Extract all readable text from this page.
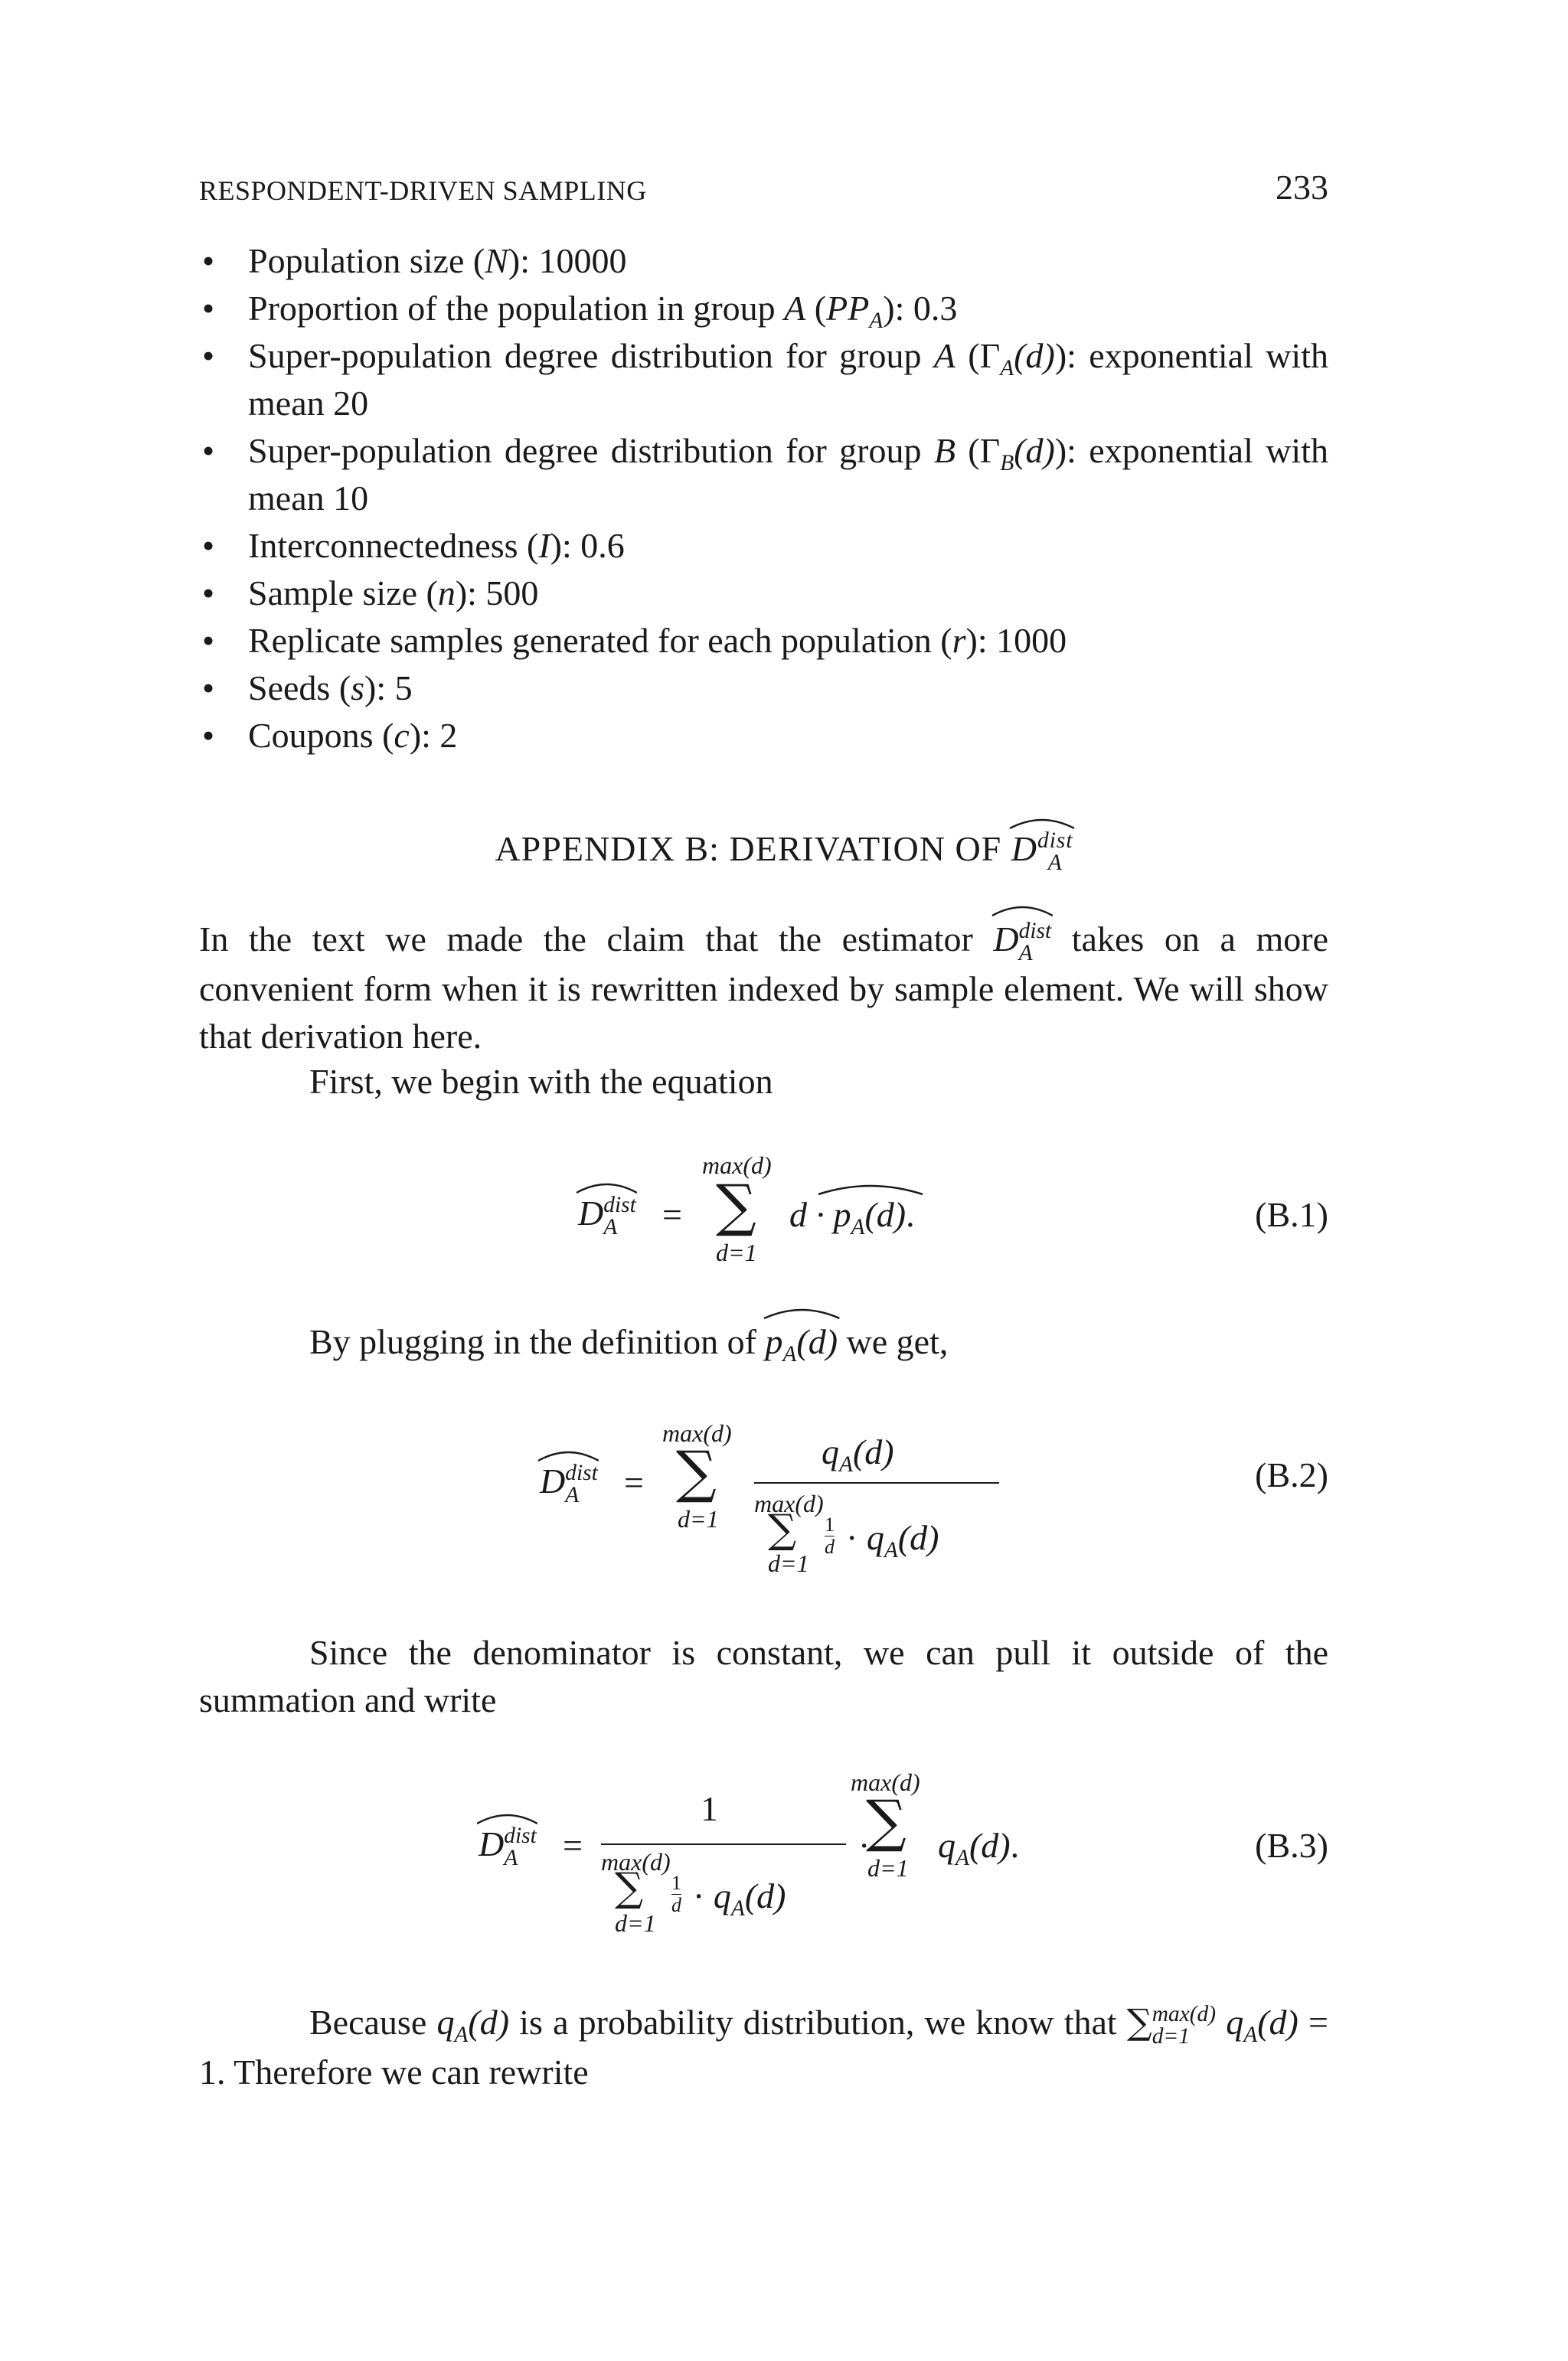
RESPONDENT-DRIVEN SAMPLING	233
• Population size (N): 10000
• Proportion of the population in group A $(PP_A)$: 0.3
• Super-population degree distribution for group A $(\Gamma_A(d))$: exponential with mean 20
• Super-population degree distribution for group B $(\Gamma_B(d))$: exponential with mean 10
• Interconnectedness (I): 0.6
• Sample size (n): 500
• Replicate samples generated for each population (r): 1000
• Seeds (s): 5
• Coupons (c): 2
APPENDIX B: DERIVATION OF D dist
A
In the text we made the claim that the estimator D dist
A	takes on a more convenient form when it is rewritten indexed by sample element. We will show that derivation here.
First, we begin with the equation
D dist
A	=
max(d)
∑
d=1
d · p
$_A$(d).	(B.1)
By plugging in the definition of $p_A(d)$ we get,
D dist
A	=
max(d)
∑
d=1
$q_A(d)$
max(d)
∑
d=1
1
$d \cdot q_A(d)$
(B.2)
Since the denominator is constant, we can pull it outside of the summation and write
D dist
A	=
1
max(d)
∑
d=1
1
$d \cdot q_A(d)$
·
max(d)
∑
d=1
$q_A(d)$.	(B.3)
Because $q_A(d)$ is a probability distribution, we know that ∑ max(d)
d=1	$q_A(d) = 1$. Therefore we can rewrite
